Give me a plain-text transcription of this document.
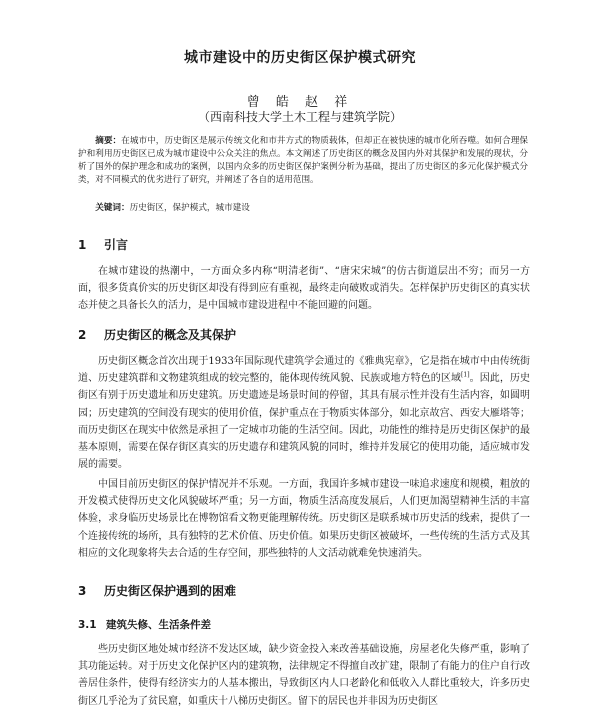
城市建设中的历史街区保护模式研究
曾 皓 赵 祥
（西南科技大学土木工程与建筑学院）
摘要：在城市中，历史街区是展示传统文化和市井方式的物质载体，但却正在被快速的城市化所吞噬。如何合理保护和利用历史街区已成为城市建设中公众关注的焦点。本文阐述了历史街区的概念及国内外对其保护和发展的现状，分析了国外的保护理念和成功的案例，以国内众多的历史街区保护案例分析为基础，提出了历史街区的多元化保护模式分类，对不同模式的优劣进行了研究，并阐述了各自的适用范围。
关键词：历史街区，保护模式，城市建设
1 引言

在城市建设的热潮中，一方面众多内称“明清老街”、“唐宋宋城”的仿古街道层出不穷；而另一方面，很多货真价实的历史街区却没有得到应有重视，最终走向破败或消失。怎样保护历史街区的真实状态并使之具备长久的活力，是中国城市建设进程中不能回避的问题。

2 历史街区的概念及其保护

历史街区概念首次出现于1933年国际现代建筑学会通过的《雅典宪章》，它是指在城市中由传统街道、历史建筑群和文物建筑组成的较完整的，能体现传统风貌、民族或地方特色的区域[1]。因此，历史街区有别于历史遗址和历史建筑。历史遗迹是场景时间的停留，其具有展示性并没有生活内容，如圆明园；历史建筑的空间没有现实的使用价值，保护重点在于物质实体部分，如北京故宫、西安大雁塔等；而历史街区在现实中依然是承担了一定城市功能的生活空间。因此，功能性的维持是历史街区保护的最基本原则，需要在保存街区真实的历史遗存和建筑风貌的同时，维持并发展它的使用功能，适应城市发展的需要。

中国目前历史街区的保护情况并不乐观。一方面，我国许多城市建设一味追求速度和规模，粗放的开发模式使得历史文化风貌破坏严重；另一方面，物质生活高度发展后，人们更加渴望精神生活的丰富体验，求身临历史场景比在博物馆看文物更能理解传统。历史街区是联系城市历史活的线索，提供了一个连接传统的场所，具有独特的艺术价值、历史价值。如果历史街区被破坏，一些传统的生活方式及其相应的文化现象将失去合适的生存空间，那些独特的人文活动就难免快速消失。

3 历史街区保护遇到的困难
3.1 建筑失修、生活条件差

些历史街区地处城市经济不发达区域，缺少资金投入来改善基础设施，房屋老化失修严重，影响了其功能运转。对于历史文化保护区内的建筑物，法律规定不得擅自改扩建，限制了有能力的住户自行改善居住条件，使得有经济实力的人基本搬出，导致街区内人口老龄化和低收入人群比重较大，许多历史街区几乎沦为了贫民窟，如重庆十八梯历史街区。留下的居民也并非因为历史街区
